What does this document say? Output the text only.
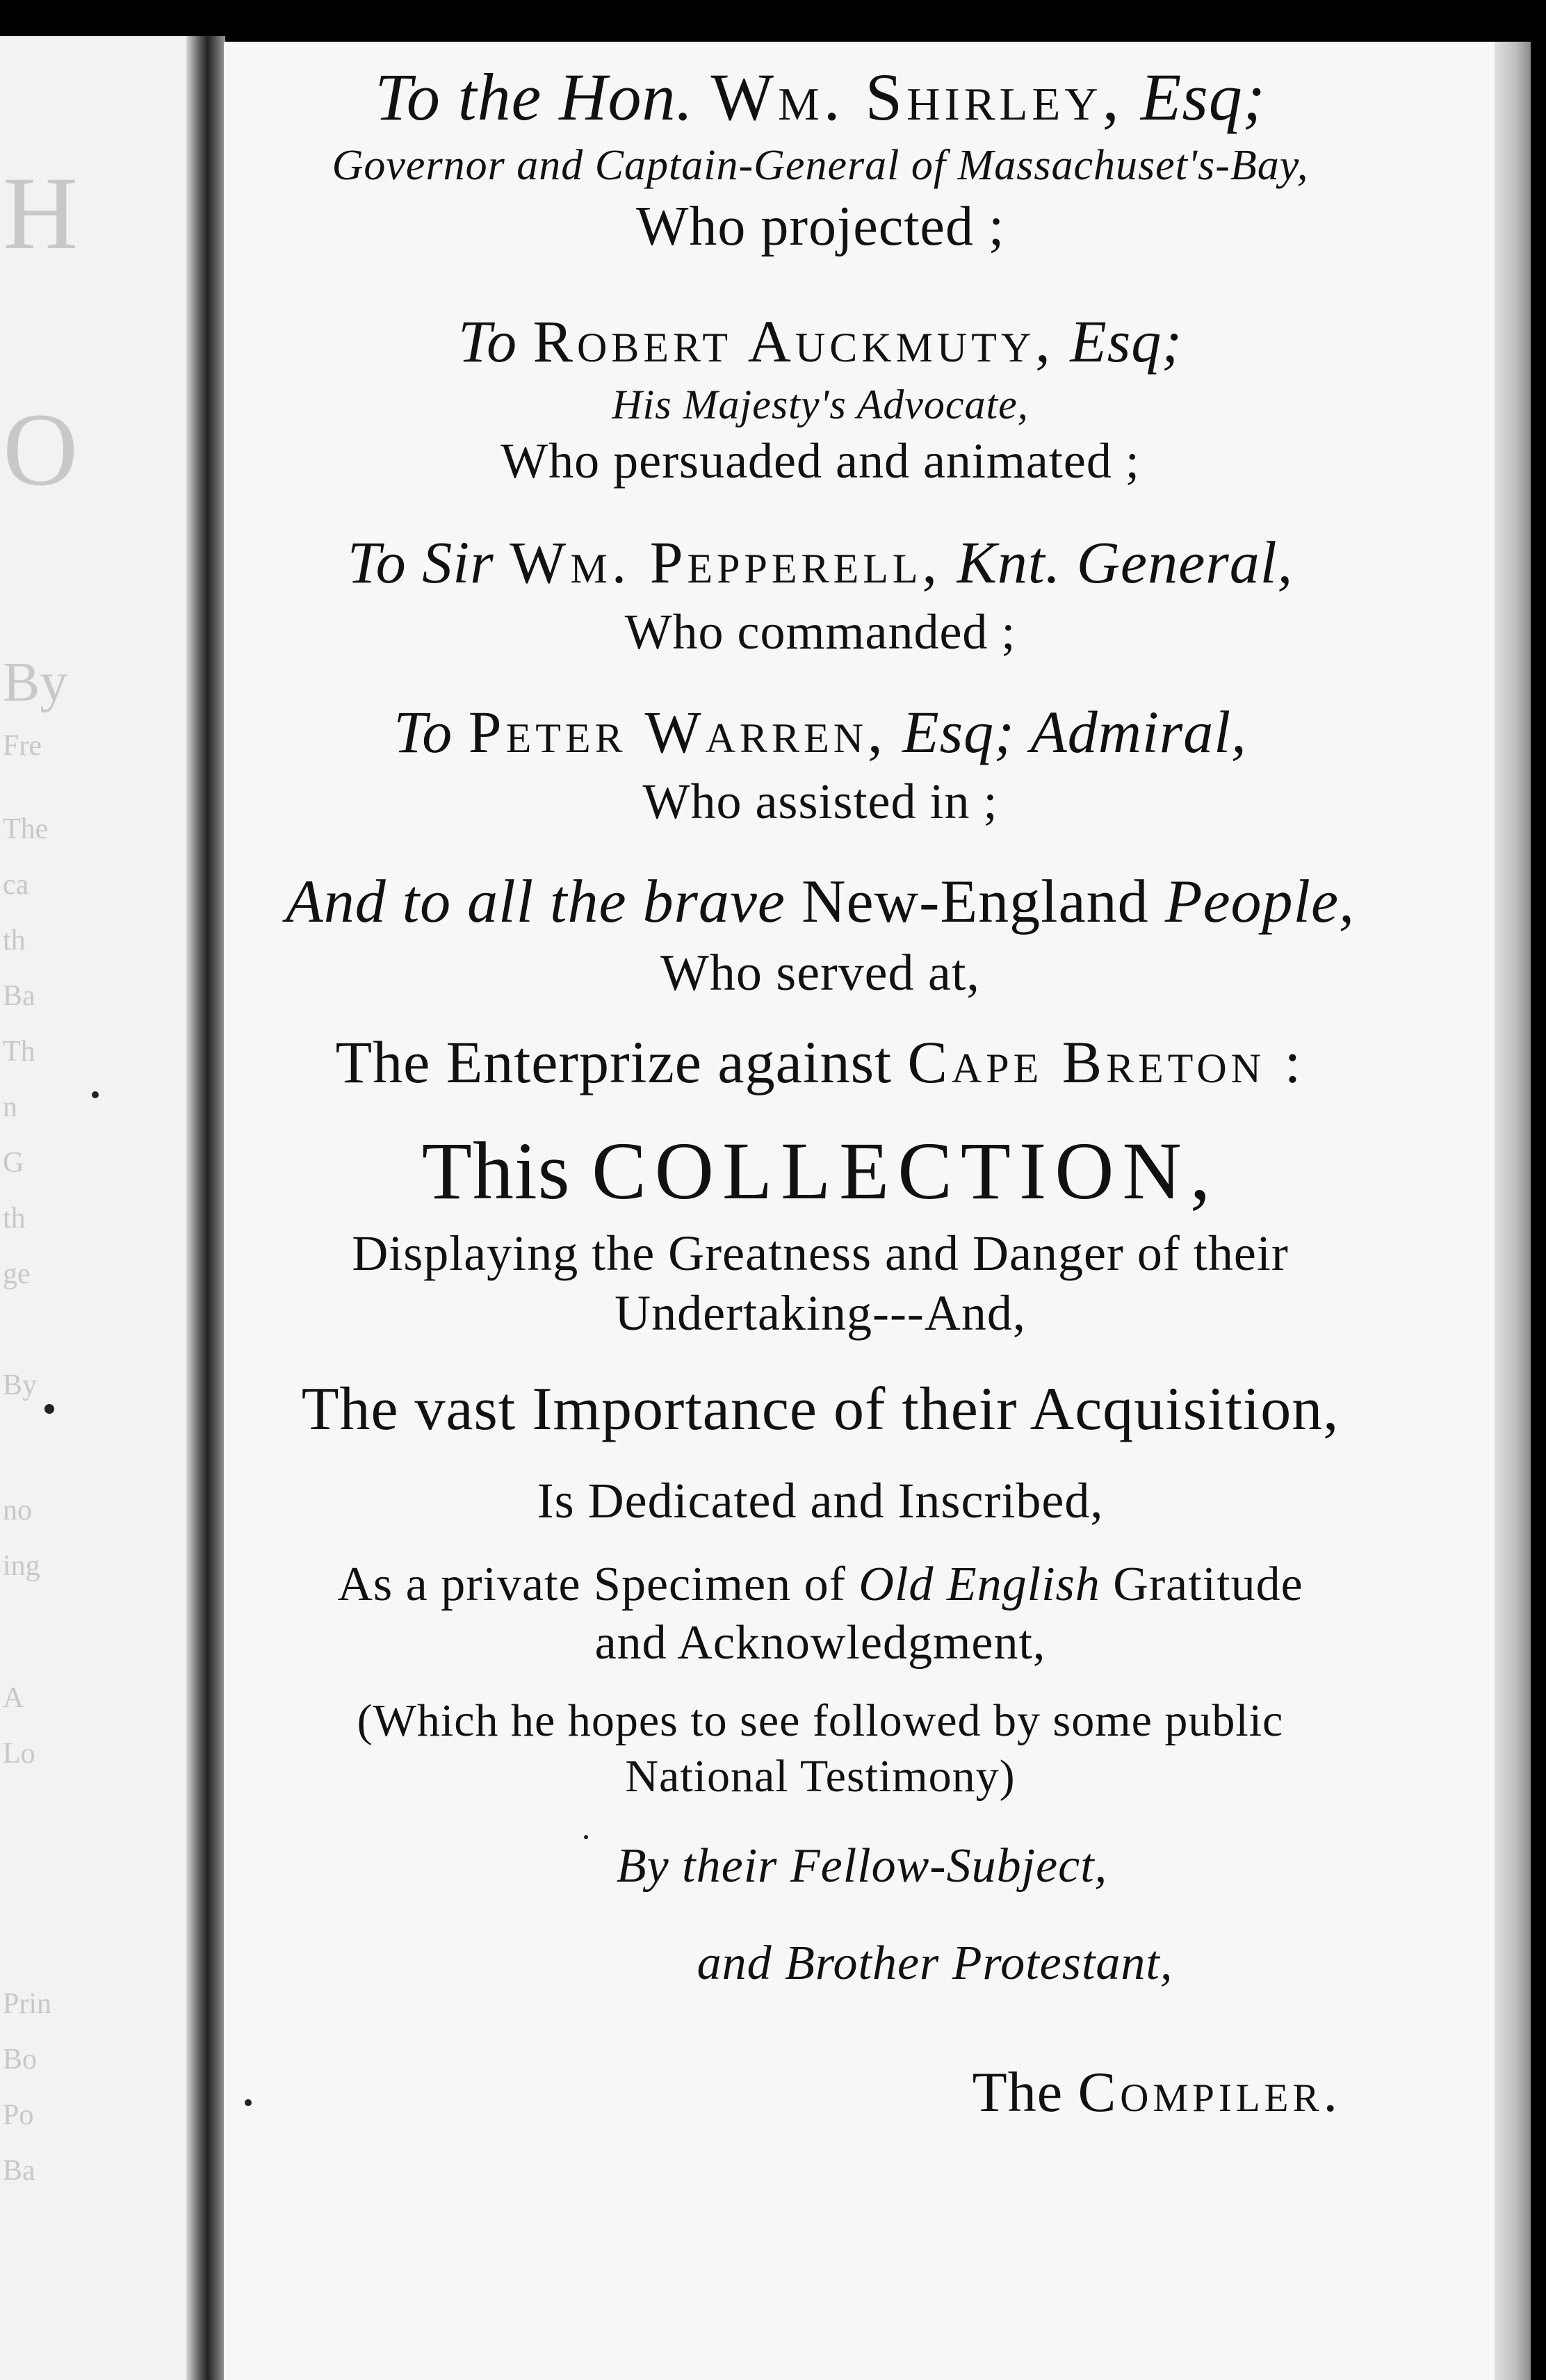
H
O
By
Fre
The
ca
th
Ba
Th
n
G
th
ge
By
no
ing
A
Lo
Prin
Bo
Po
Ba
To the Hon. Wm. Shirley, Esq;
Governor and Captain-General of Massachuset's-Bay,
Who projected ;
To Robert Auckmuty, Esq;
His Majesty's Advocate,
Who persuaded and animated ;
To Sir Wm. Pepperell, Knt. General,
Who commanded ;
To Peter Warren, Esq; Admiral,
Who assisted in ;
And to all the brave New-England People,
Who served at,
The Enterprize against Cape Breton :
This COLLECTION,
Displaying the Greatness and Danger of their
Undertaking---And,
The vast Importance of their Acquisition,
Is Dedicated and Inscribed,
As a private Specimen of Old English Gratitude
and Acknowledgment,
(Which he hopes to see followed by some public
National Testimony)
By their Fellow-Subject,
and Brother Protestant,
The Compiler.
